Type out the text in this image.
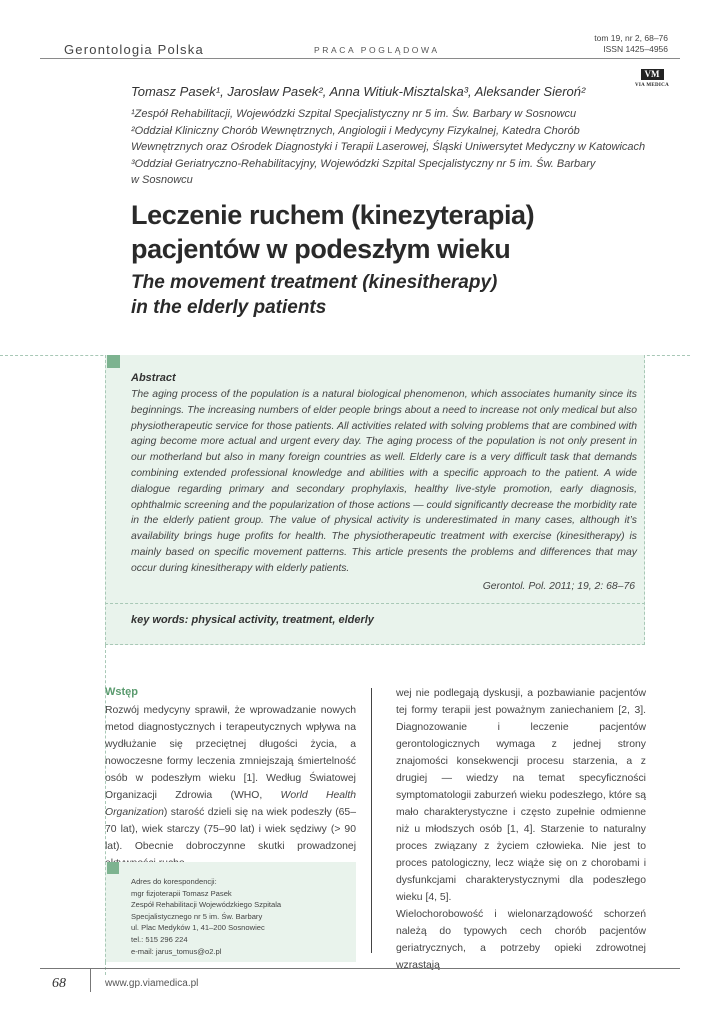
Gerontologia Polska	PRACA POGLĄDOWA
tom 19, nr 2, 68–76
ISSN 1425–4956
VM
VIA MEDICA
Tomasz Pasek¹, Jarosław Pasek², Anna Witiuk-Misztalska³, Aleksander Sieroń²
¹Zespół Rehabilitacji, Wojewódzki Szpital Specjalistyczny nr 5 im. Św. Barbary w Sosnowcu
²Oddział Kliniczny Chorób Wewnętrznych, Angiologii i Medycyny Fizykalnej, Katedra Chorób
Wewnętrznych oraz Ośrodek Diagnostyki i Terapii Laserowej, Śląski Uniwersytet Medyczny w Katowicach
³Oddział Geriatryczno-Rehabilitacyjny, Wojewódzki Szpital Specjalistyczny nr 5 im. Św. Barbary
w Sosnowcu
Leczenie ruchem (kinezyterapia)
pacjentów w podeszłym wieku
The movement treatment (kinesitherapy)
in the elderly patients
Abstract
The aging process of the population is a natural biological phenomenon, which associates humanity since its beginnings. The increasing numbers of elder people brings about a need to increase not only medical but also physiotherapeutic service for those patients. All activities related with solving problems that are combined with aging become more actual and urgent every day. The aging process of the population is not only present in our motherland but also in many foreign countries as well. Elderly care is a very difficult task that demands combining extended professional knowledge and abilities with a specific approach to the patient. A wide dialogue regarding primary and secondary prophylaxis, healthy live-style promotion, early diagnosis, ophthalmic screening and the popularization of those actions — could significantly decrease the morbidity rate in the elderly patient group. The value of physical activity is underestimated in many cases, although it’s availability brings huge profits for health. The physiotherapeutic treatment with exercise (kinesitherapy) is mainly based on specific movement patterns. This article presents the problems and differences that may occur during kinesitherapy with elderly patients.
Gerontol. Pol. 2011; 19, 2: 68–76
key words: physical activity, treatment, elderly
Wstęp

Rozwój medycyny sprawił, że wprowadzanie nowych metod diagnostycznych i terapeutycznych wpływa na wydłużanie się przeciętnej długości życia, a nowoczesne formy leczenia zmniejszają śmiertelność osób w podeszłym wieku [1]. Według Światowej Organizacji Zdrowia (WHO, World Health Organization) starość dzieli się na wiek podeszły (65–70 lat), wiek starczy (75–90 lat) i wiek sędziwy (> 90 lat). Obecnie dobroczynne skutki prowadzonej

wej nie podlegają dyskusji, a pozbawianie pacjentów tej formy terapii jest poważnym zaniechaniem [2, 3]. Diagnozowanie i leczenie pacjentów gerontologicznych wymaga z jednej strony znajomości konsekwencji procesu starzenia, a z drugiej — wiedzy na temat specyficzności symptomatologii zaburzeń wieku podeszłego, które są mało charakterystyczne i często zupełnie odmienne niż u młodszych osób [1, 4]. Starzenie to naturalny proces związany z życiem człowieka. Nie jest to proces patologiczny, lecz wiąże się on z chorobami i dysfunkcjami charakterystycznymi dla podeszłego wieku [4, 5].

Wielochorobowość i wielonarządowość schorzeń należą do typowych cech chorób pacjentów geriatrycznych, a potrzeby opieki zdrowotnej wzrastają

Adres do korespondencji:
mgr fizjoterapii Tomasz Pasek
Zespół Rehabilitacji Wojewódzkiego Szpitala
Specjalistycznego nr 5 im. Św. Barbary
ul. Plac Medyków 1, 41–200 Sosnowiec
tel.: 515 296 224
e-mail: jarus_tomus@o2.pl
68	www.gp.viamedica.pl
